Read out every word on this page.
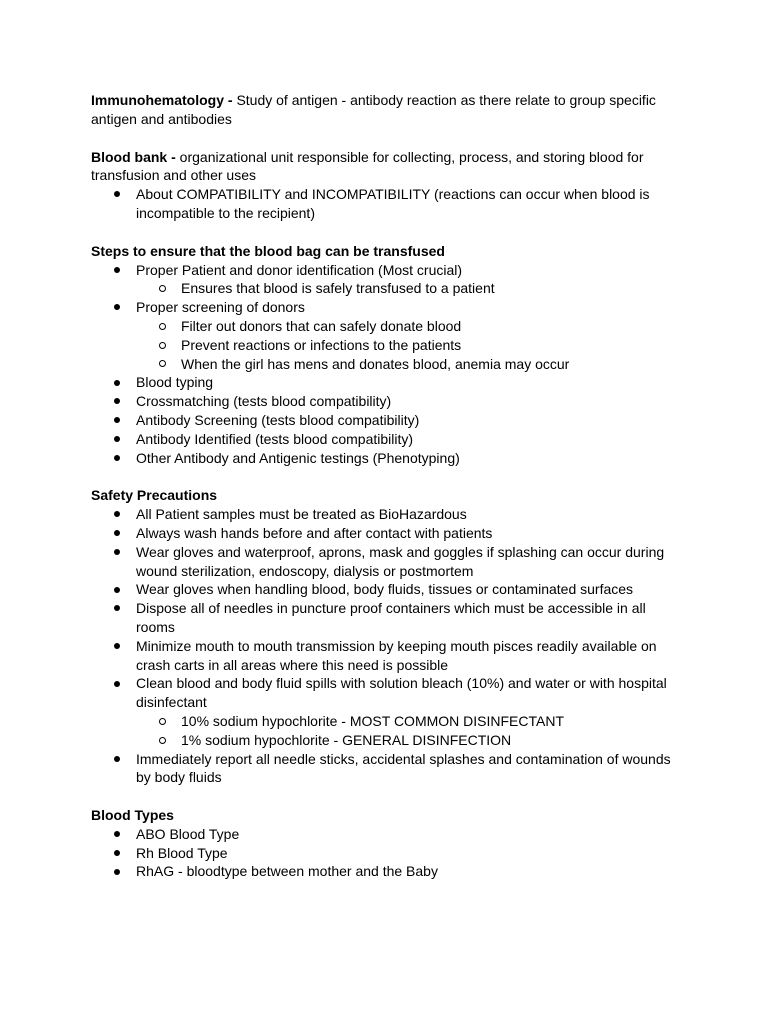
Immunohematology - Study of antigen - antibody reaction as there relate to group specific antigen and antibodies

Blood bank - organizational unit responsible for collecting, process, and storing blood for transfusion and other uses

About COMPATIBILITY and INCOMPATIBILITY (reactions can occur when blood is incompatible to the recipient)

Steps to ensure that the blood bag can be transfused

Proper Patient and donor identification (Most crucial)
Ensures that blood is safely transfused to a patient
Proper screening of donors
Filter out donors that can safely donate blood
Prevent reactions or infections to the patients
When the girl has mens and donates blood, anemia may occur
Blood typing
Crossmatching (tests blood compatibility)
Antibody Screening (tests blood compatibility)
Antibody Identified (tests blood compatibility)
Other Antibody and Antigenic testings (Phenotyping)

Safety Precautions

All Patient samples must be treated as BioHazardous
Always wash hands before and after contact with patients
Wear gloves and waterproof, aprons, mask and goggles if splashing can occur during wound sterilization, endoscopy, dialysis or postmortem
Wear gloves when handling blood, body fluids, tissues or contaminated surfaces
Dispose all of needles in puncture proof containers which must be accessible in all rooms
Minimize mouth to mouth transmission by keeping mouth pisces readily available on crash carts in all areas where this need is possible
Clean blood and body fluid spills with solution bleach (10%) and water or with hospital disinfectant
10% sodium hypochlorite - MOST COMMON DISINFECTANT
1% sodium hypochlorite - GENERAL DISINFECTION
Immediately report all needle sticks, accidental splashes and contamination of wounds by body fluids

Blood Types

ABO Blood Type
Rh Blood Type
RhAG - bloodtype between mother and the Baby
